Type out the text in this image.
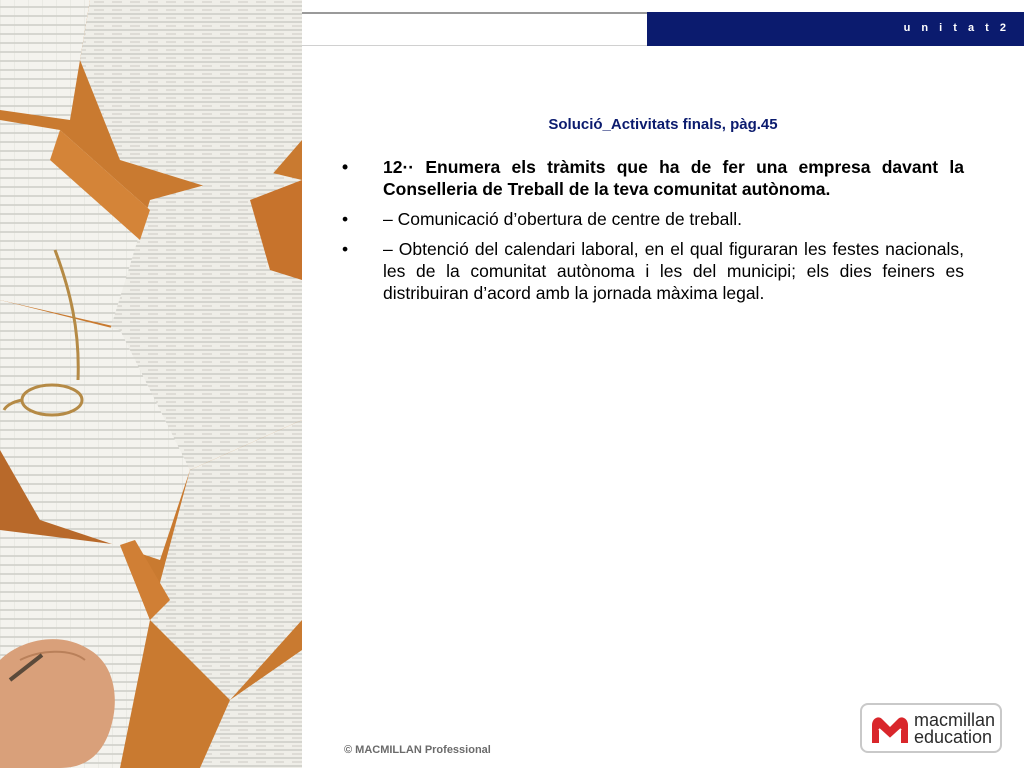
u n i t a t 2
Solució_Activitats finals, pàg.45
• 12·· Enumera els tràmits que ha de fer una empresa davant la Conselleria de Treball de la teva comunitat autònoma.
• – Comunicació d’obertura de centre de treball.
• – Obtenció del calendari laboral, en el qual figuraran les festes nacionals, les de la comunitat autònoma i les del municipi; els dies feiners es distribuiran d’acord amb la jornada màxima legal.
© MACMILLAN Professional
macmillan
education
